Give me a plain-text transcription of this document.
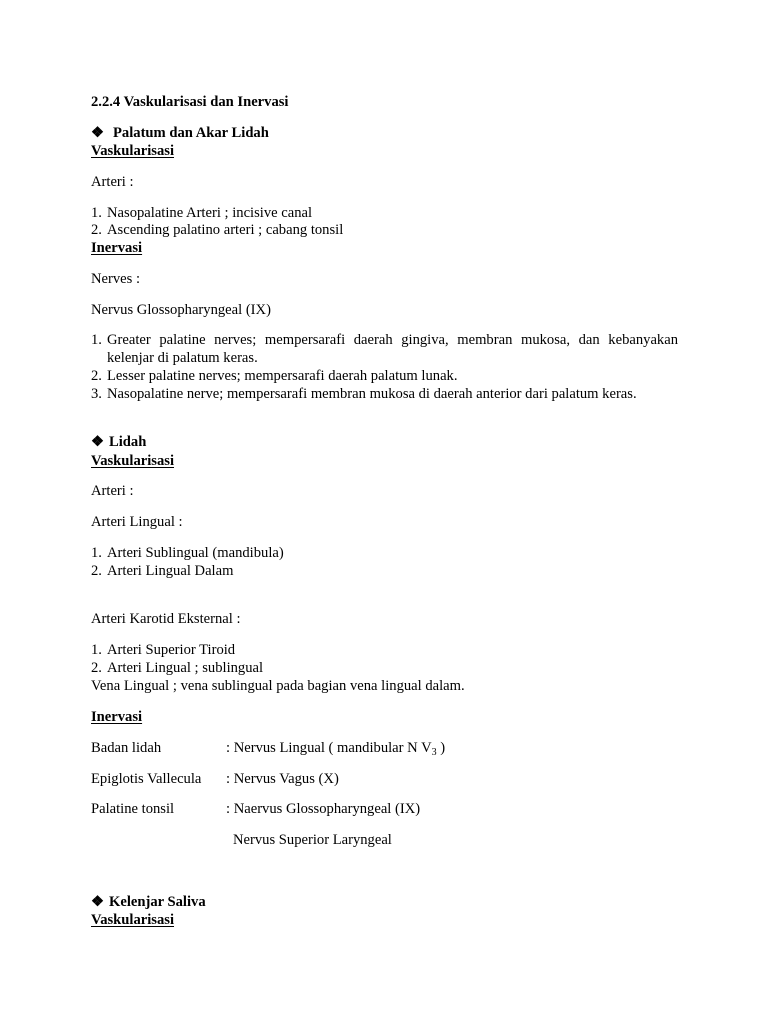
2.2.4 Vaskularisasi dan Inervasi
❖ Palatum dan Akar Lidah
Vaskularisasi
Arteri :
1. Nasopalatine Arteri ; incisive canal
2. Ascending palatino arteri ; cabang tonsil
Inervasi
Nerves :
Nervus Glossopharyngeal (IX)
1. Greater palatine nerves; mempersarafi daerah gingiva, membran mukosa, dan kebanyakan kelenjar di palatum keras.
2. Lesser palatine nerves; mempersarafi daerah palatum lunak.
3. Nasopalatine nerve; mempersarafi membran mukosa di daerah anterior dari palatum keras.
❖ Lidah
Vaskularisasi
Arteri :
Arteri Lingual :
1. Arteri Sublingual (mandibula)
2. Arteri Lingual Dalam
Arteri Karotid Eksternal :
1. Arteri Superior Tiroid
2. Arteri Lingual ; sublingual
Vena Lingual ; vena sublingual pada bagian vena lingual dalam.
Inervasi
Badan lidah	: Nervus Lingual ( mandibular N $V_3$ )
Epiglotis Vallecula : Nervus Vagus (X)
Palatine tonsil	: Naervus Glossopharyngeal (IX)
Nervus Superior Laryngeal
❖ Kelenjar Saliva
Vaskularisasi
